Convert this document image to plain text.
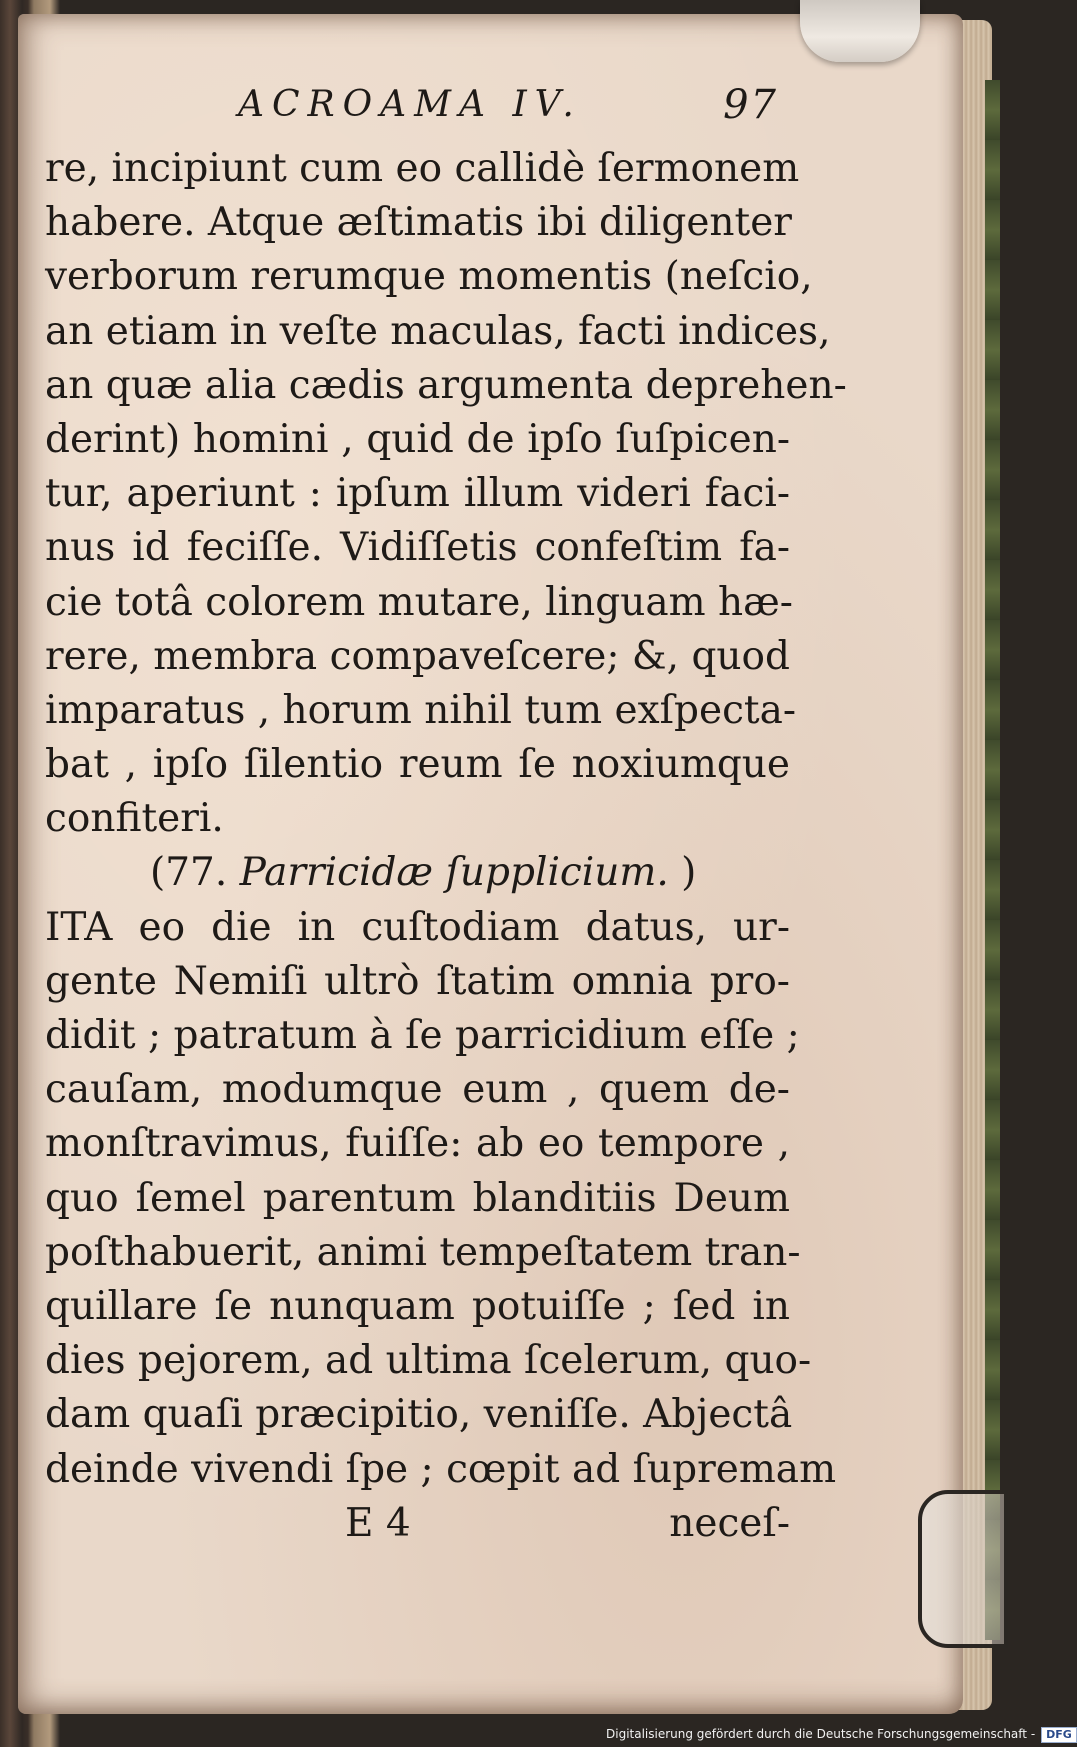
ACROAMA IV.	97
re, incipiunt cum eo callidè ſermonem
habere. Atque æſtimatis ibi diligenter
verborum rerumque momentis (neſcio,
an etiam in veſte maculas, facti indices,
an quæ alia cædis argumenta deprehen-
derint) homini , quid de ipſo ſuſpicen-
tur, aperiunt : ipſum illum videri faci-
nus id feciſſe. Vidiſſetis confeſtim fa-
cie totâ colorem mutare, linguam hæ-
rere, membra compaveſcere; &, quod
imparatus , horum nihil tum exſpecta-
bat , ipſo ſilentio reum ſe noxiumque
confiteri.
(77. Parricidæ ſupplicium. )
ITA eo die in cuſtodiam datus, ur-
gente Nemiſi ultrò ſtatim omnia pro-
didit ; patratum à ſe parricidium eſſe ;
cauſam, modumque eum , quem de-
monſtravimus, fuiſſe: ab eo tempore ,
quo ſemel parentum blanditiis Deum
poſthabuerit, animi tempeſtatem tran-
quillare ſe nunquam potuiſſe ; ſed in
dies pejorem, ad ultima ſcelerum, quo-
dam quaſi præcipitio, veniſſe. Abjectâ
deinde vivendi ſpe ; cœpit ad ſupremam
E 4	neceſ-
Digitalisierung gefördert durch die Deutsche Forschungsgemeinschaft - DFG
